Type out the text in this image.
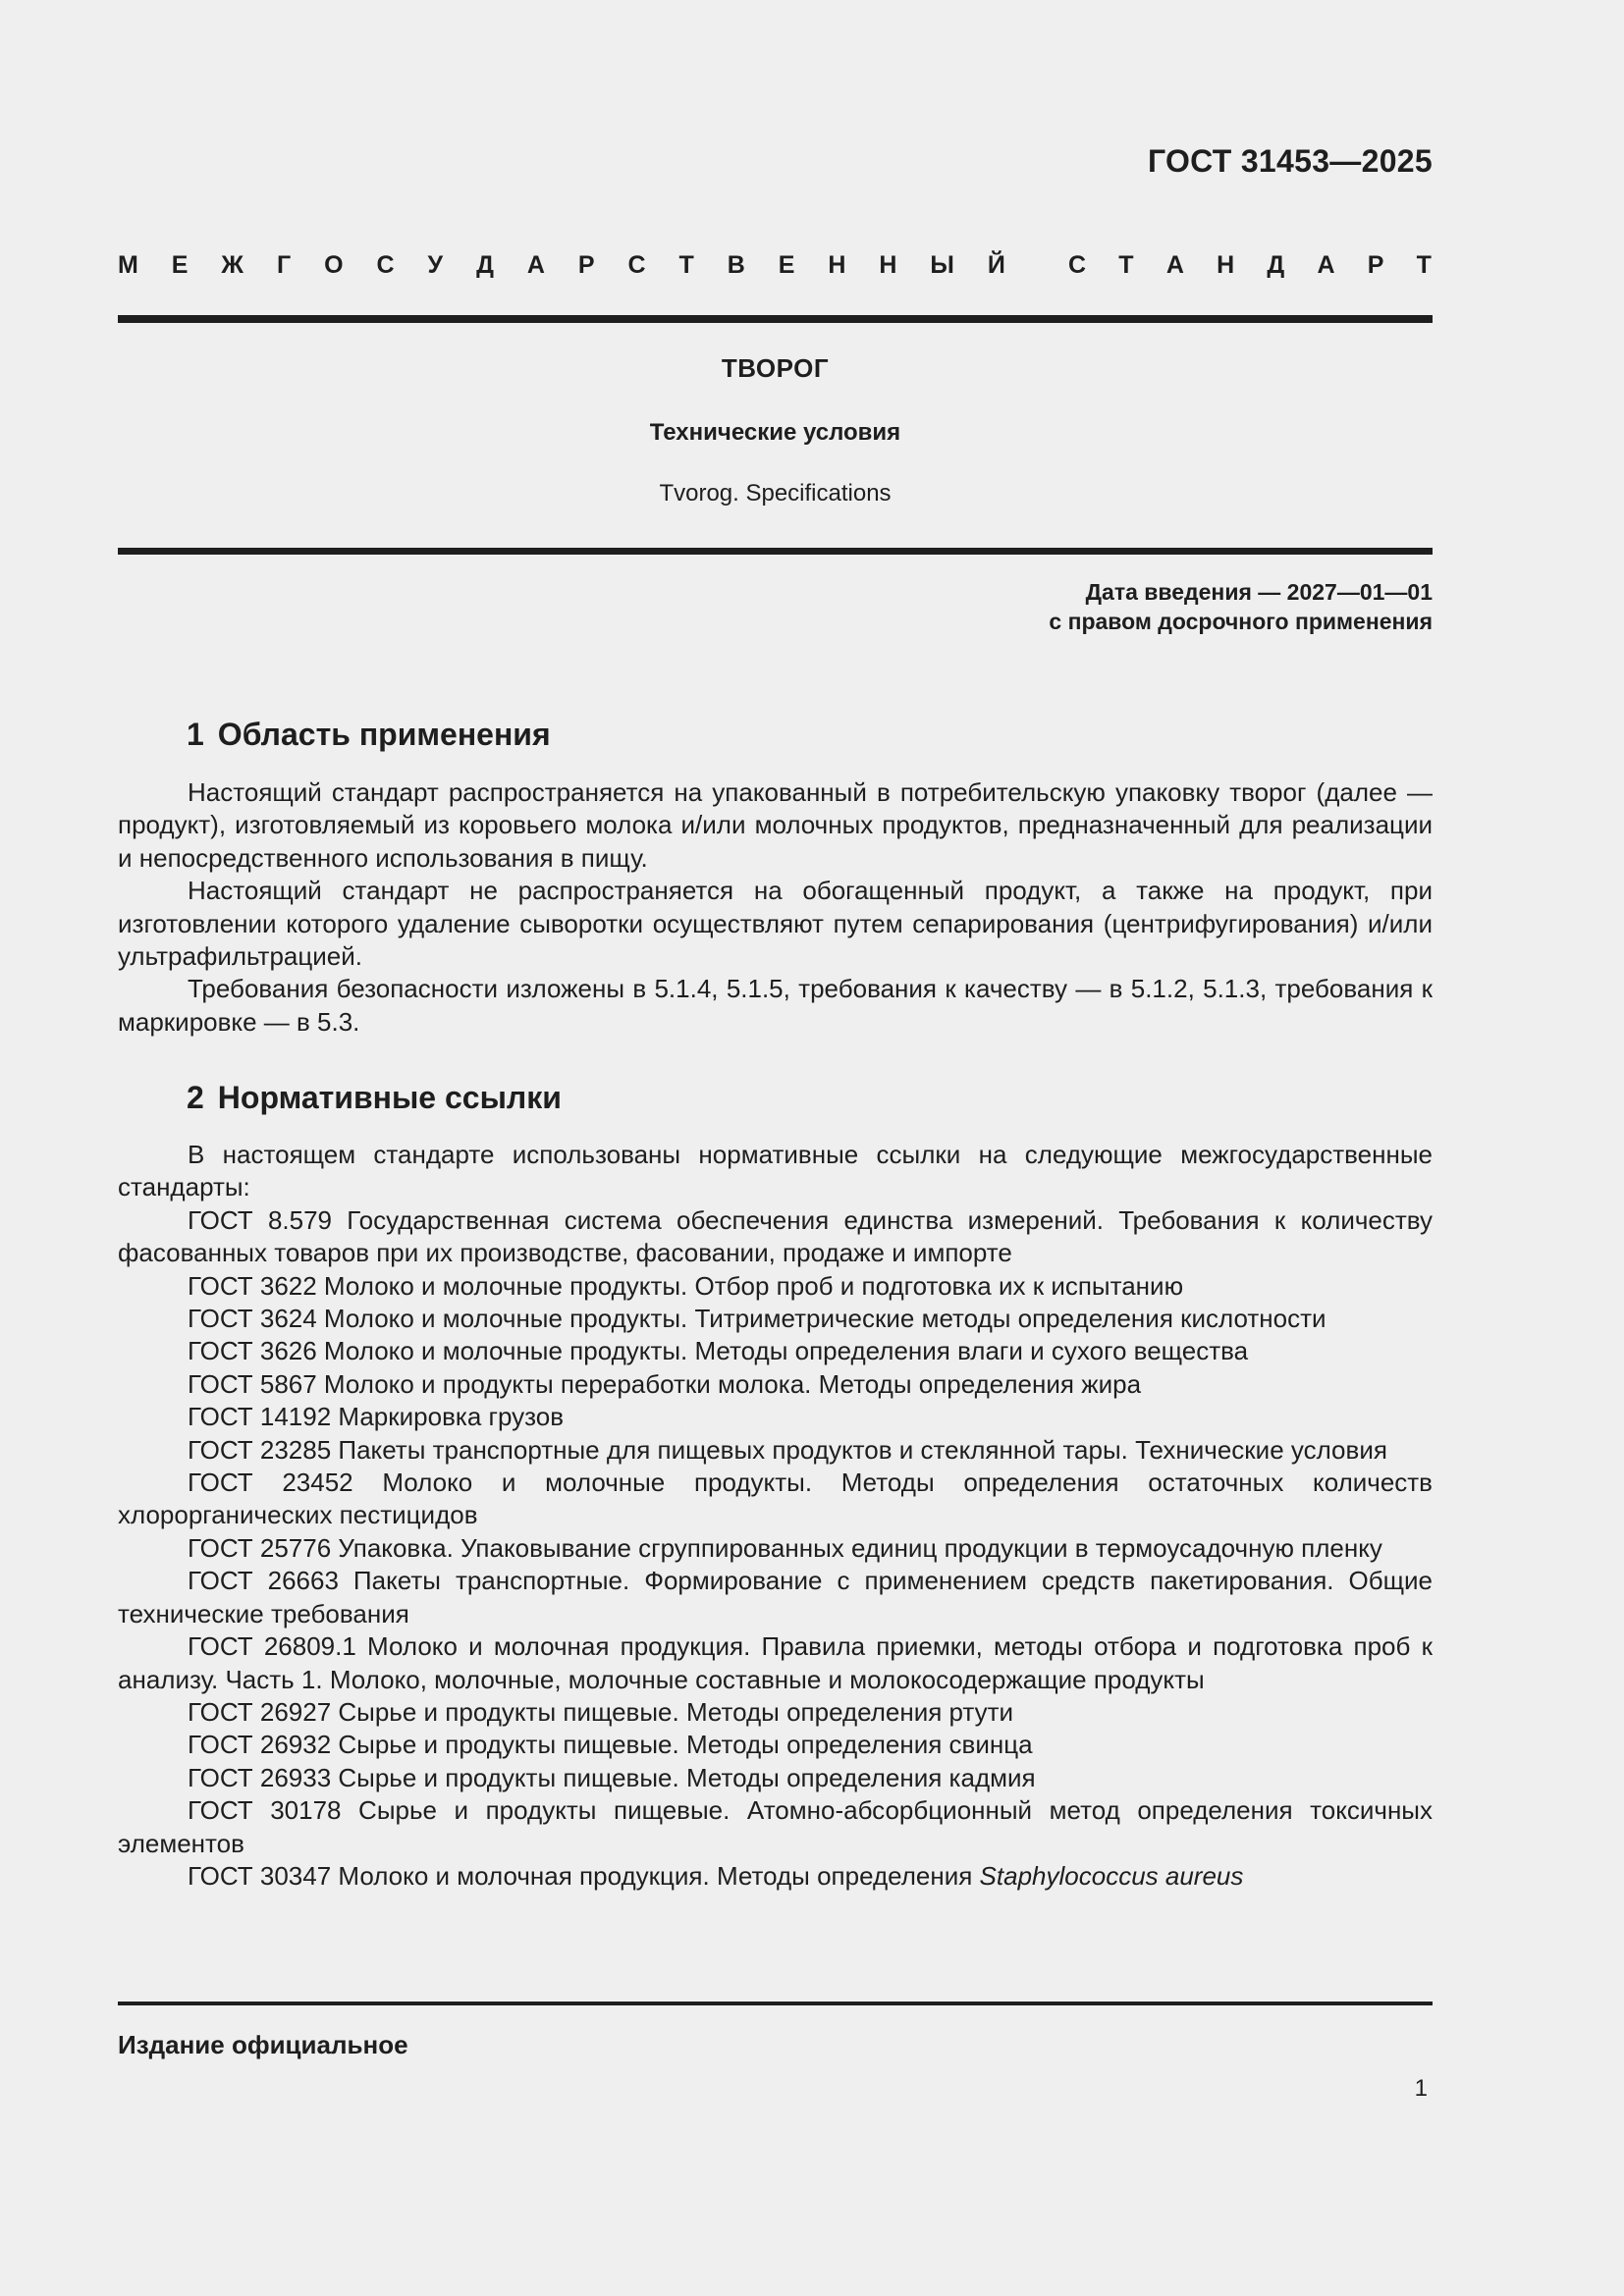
ГОСТ 31453—2025
М Е Ж Г О С У Д А Р С Т В Е Н Н Ы Й	С Т А Н Д А Р Т
ТВОРОГ
Технические условия
Tvorog. Specifications
Дата введения — 2027—01—01
с правом досрочного применения
1 Область применения

Настоящий стандарт распространяется на упакованный в потребительскую упаковку творог (далее — продукт), изготовляемый из коровьего молока и/или молочных продуктов, предназначенный для реализации и непосредственного использования в пищу.

Настоящий стандарт не распространяется на обогащенный продукт, а также на продукт, при изготовлении которого удаление сыворотки осуществляют путем сепарирования (центрифугирования) и/или ультрафильтрацией.

Требования безопасности изложены в 5.1.4, 5.1.5, требования к качеству — в 5.1.2, 5.1.3, требования к маркировке — в 5.3.

2 Нормативные ссылки

В настоящем стандарте использованы нормативные ссылки на следующие межгосударственные стандарты:

ГОСТ 8.579 Государственная система обеспечения единства измерений. Требования к количеству фасованных товаров при их производстве, фасовании, продаже и импорте

ГОСТ 3622 Молоко и молочные продукты. Отбор проб и подготовка их к испытанию

ГОСТ 3624 Молоко и молочные продукты. Титриметрические методы определения кислотности

ГОСТ 3626 Молоко и молочные продукты. Методы определения влаги и сухого вещества

ГОСТ 5867 Молоко и продукты переработки молока. Методы определения жира

ГОСТ 14192 Маркировка грузов

ГОСТ 23285 Пакеты транспортные для пищевых продуктов и стеклянной тары. Технические условия

ГОСТ 23452 Молоко и молочные продукты. Методы определения остаточных количеств хлорорганических пестицидов

ГОСТ 25776 Упаковка. Упаковывание сгруппированных единиц продукции в термоусадочную пленку

ГОСТ 26663 Пакеты транспортные. Формирование с применением средств пакетирования. Общие технические требования

ГОСТ 26809.1 Молоко и молочная продукция. Правила приемки, методы отбора и подготовка проб к анализу. Часть 1. Молоко, молочные, молочные составные и молокосодержащие продукты

ГОСТ 26927 Сырье и продукты пищевые. Методы определения ртути

ГОСТ 26932 Сырье и продукты пищевые. Методы определения свинца

ГОСТ 26933 Сырье и продукты пищевые. Методы определения кадмия

ГОСТ 30178 Сырье и продукты пищевые. Атомно-абсорбционный метод определения токсичных элементов

ГОСТ 30347 Молоко и молочная продукция. Методы определения Staphylococcus aureus

Издание официальное
1
